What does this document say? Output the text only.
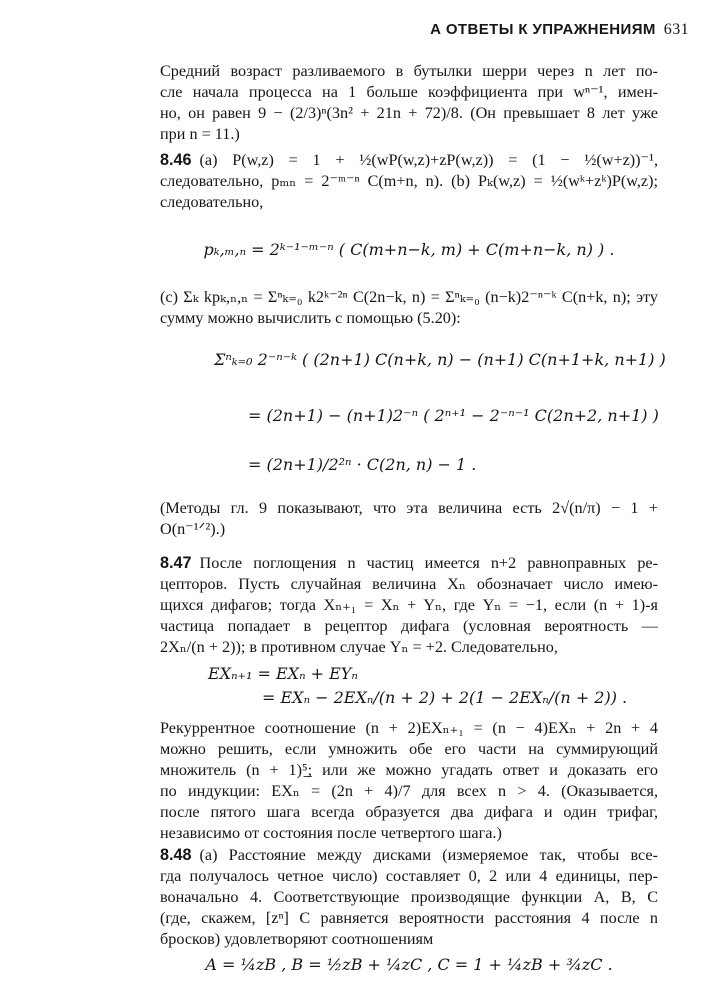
А ОТВЕТЫ К УПРАЖНЕНИЯМ 631
Средний возраст разливаемого в бутылки шерри через n лет по-
сле начала процесса на 1 больше коэффициента при wⁿ⁻¹, имен-
но, он равен 9 − (2/3)ⁿ(3n² + 21n + 72)/8. (Он превышает 8 лет уже
при n = 11.)
8.46 (a) P(w,z) = 1 + ½(wP(w,z)+zP(w,z)) = (1 − ½(w+z))⁻¹,
следовательно, pₘₙ = 2⁻ᵐ⁻ⁿ C(m+n, n). (b) Pₖ(w,z) = ½(wᵏ+zᵏ)P(w,z);
следовательно,
pₖ,ₘ,ₙ = 2ᵏ⁻¹⁻ᵐ⁻ⁿ ( C(m+n−k, m) + C(m+n−k, n) ) .
(c) Σₖ kpₖ,ₙ,ₙ = Σⁿₖ₌₀ k2ᵏ⁻²ⁿ C(2n−k, n) = Σⁿₖ₌₀ (n−k)2⁻ⁿ⁻ᵏ C(n+k, n); эту
сумму можно вычислить с помощью (5.20):
Σⁿₖ₌₀ 2⁻ⁿ⁻ᵏ ( (2n+1) C(n+k, n) − (n+1) C(n+1+k, n+1) )
= (2n+1) − (n+1)2⁻ⁿ ( 2ⁿ⁺¹ − 2⁻ⁿ⁻¹ C(2n+2, n+1) )
= (2n+1)/2²ⁿ · C(2n, n) − 1 .
(Методы гл. 9 показывают, что эта величина есть 2√(n/π) − 1 +
O(n⁻¹ᐟ²).)
8.47 После поглощения n частиц имеется n+2 равноправных ре-
цепторов. Пусть случайная величина Xₙ обозначает число имею-
щихся дифагов; тогда Xₙ₊₁ = Xₙ + Yₙ, где Yₙ = −1, если (n + 1)-я
частица попадает в рецептор дифага (условная вероятность —
2Xₙ/(n + 2)); в противном случае Yₙ = +2. Следовательно,
EXₙ₊₁ = EXₙ + EYₙ
= EXₙ − 2EXₙ/(n + 2) + 2(1 − 2EXₙ/(n + 2)) .
Рекуррентное соотношение (n + 2)EXₙ₊₁ = (n − 4)EXₙ + 2n + 4
можно решить, если умножить обе его части на суммирующий
множитель (n + 1)⁵̲; или же можно угадать ответ и доказать его
по индукции: EXₙ = (2n + 4)/7 для всех n > 4. (Оказывается,
после пятого шага всегда образуется два дифага и один трифаг,
независимо от состояния после четвертого шага.)
8.48 (a) Расстояние между дисками (измеряемое так, чтобы все-
гда получалось четное число) составляет 0, 2 или 4 единицы, пер-
воначально 4. Соответствующие производящие функции A, B, C
(где, скажем, [zⁿ] C равняется вероятности расстояния 4 после n
бросков) удовлетворяют соотношениям
A = ¼zB , B = ½zB + ¼zC , C = 1 + ¼zB + ¾zC .
